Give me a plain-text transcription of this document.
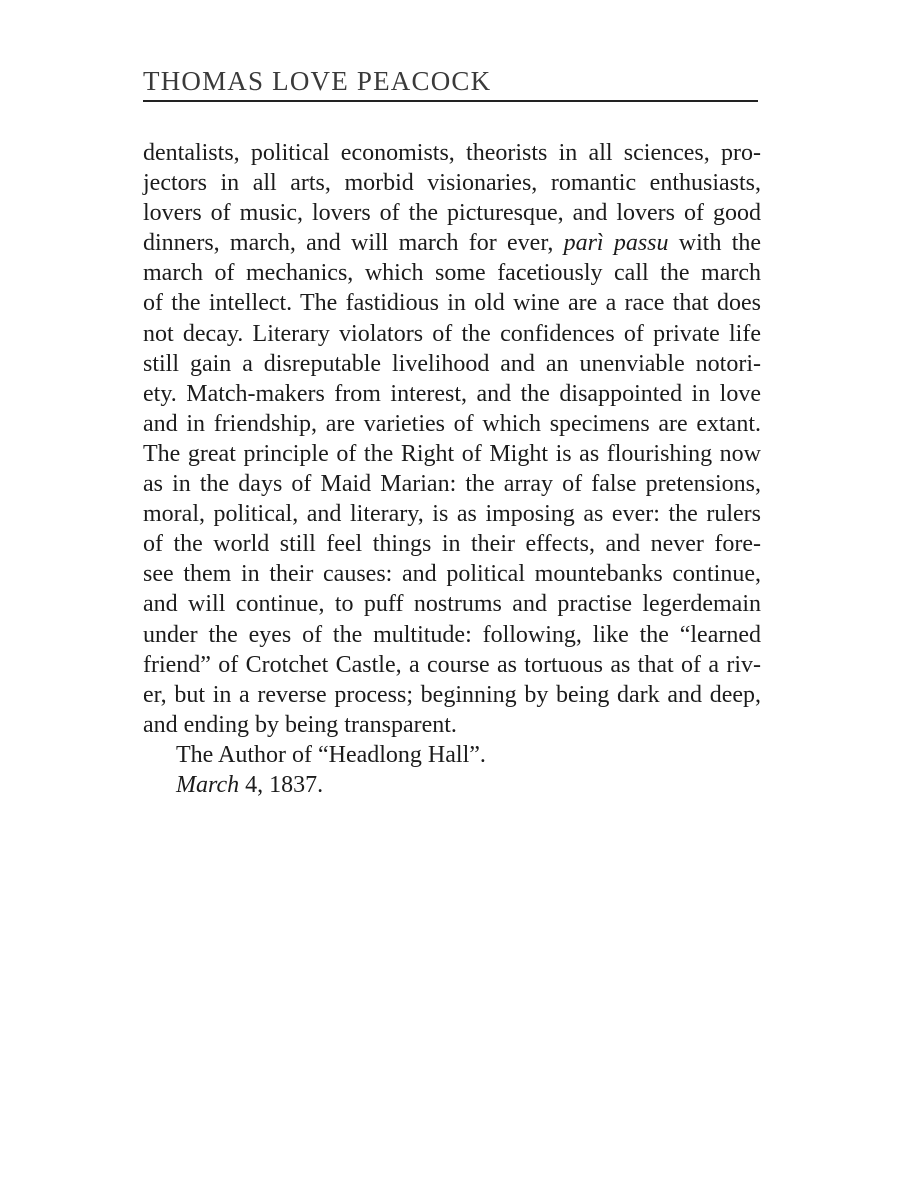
THOMAS LOVE PEACOCK
dentalists, political economists, theorists in all sciences, pro-
jectors in all arts, morbid visionaries, romantic enthusiasts,
lovers of music, lovers of the picturesque, and lovers of good
dinners, march, and will march for ever, parì passu with the
march of mechanics, which some facetiously call the march
of the intellect. The fastidious in old wine are a race that does
not decay. Literary violators of the confidences of private life
still gain a disreputable livelihood and an unenviable notori-
ety. Match-makers from interest, and the disappointed in love
and in friendship, are varieties of which specimens are extant.
The great principle of the Right of Might is as flourishing now
as in the days of Maid Marian: the array of false pretensions,
moral, political, and literary, is as imposing as ever: the rulers
of the world still feel things in their effects, and never fore-
see them in their causes: and political mountebanks continue,
and will continue, to puff nostrums and practise legerdemain
under the eyes of the multitude: following, like the “learned
friend” of Crotchet Castle, a course as tortuous as that of a riv-
er, but in a reverse process; beginning by being dark and deep,
and ending by being transparent.
The Author of “Headlong Hall”.
March 4, 1837.
